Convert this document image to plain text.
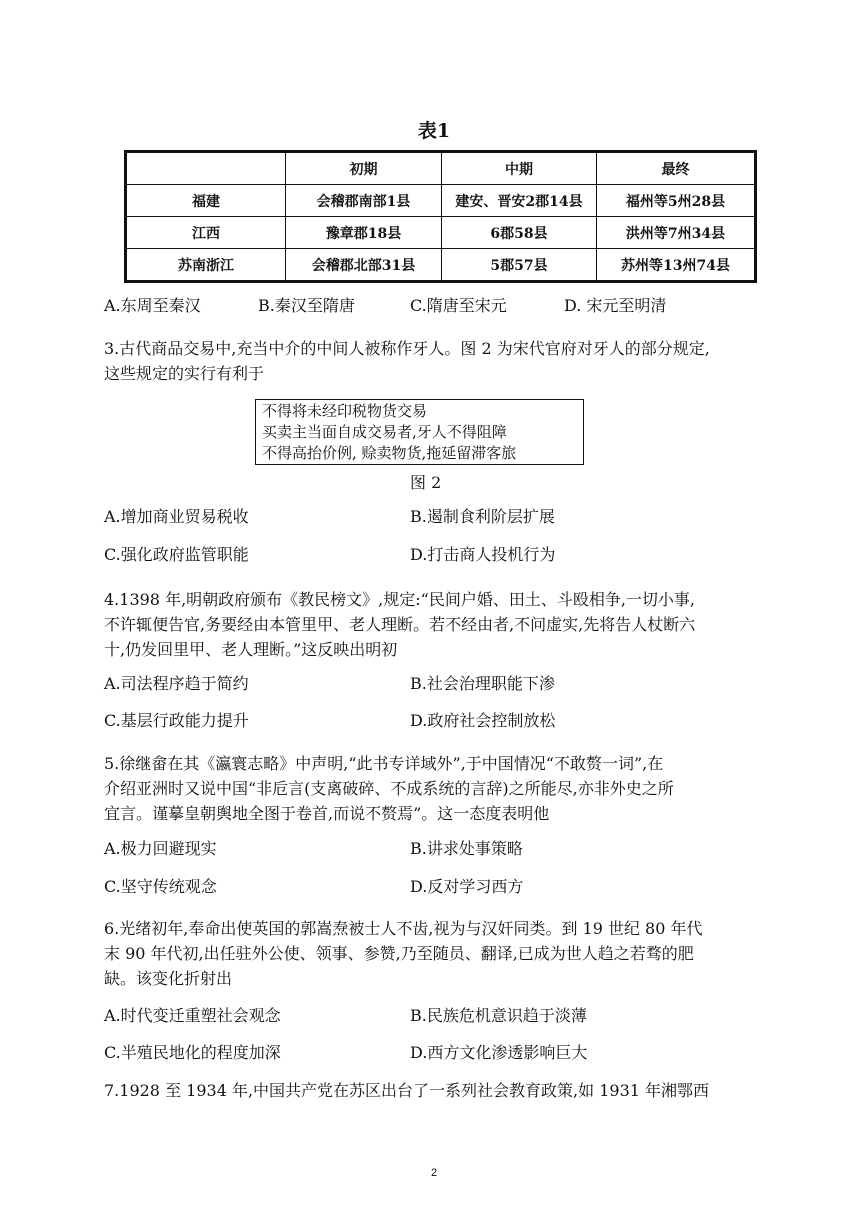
表1
	初期	中期	最终
福建	会稽郡南部1县	建安、晋安2郡14县	福州等5州28县
江西	豫章郡18县	6郡58县	洪州等7州34县
苏南浙江	会稽郡北部31县	5郡57县	苏州等13州74县
A.东周至秦汉	B.秦汉至隋唐	C.隋唐至宋元	D. 宋元至明清
3.古代商品交易中,充当中介的中间人被称作牙人。图 2 为宋代官府对牙人的部分规定,
这些规定的实行有利于
不得将未经印税物货交易
买卖主当面自成交易者,牙人不得阻障
不得高抬价例, 赊卖物货,拖延留滞客旅
图 2
A.增加商业贸易税收	B.遏制食利阶层扩展
C.强化政府监管职能	D.打击商人投机行为
4.1398 年,明朝政府颁布《教民榜文》,规定:“民间户婚、田土、斗殴相争,一切小事,
不许辄便告官,务要经由本管里甲、老人理断。若不经由者,不问虚实,先将告人杖断六
十,仍发回里甲、老人理断。”这反映出明初
A.司法程序趋于简约	B.社会治理职能下渗
C.基层行政能力提升	D.政府社会控制放松
5.徐继畲在其《瀛寰志略》中声明,“此书专详域外”,于中国情况“不敢赘一词”,在
介绍亚洲时又说中国“非卮言(支离破碎、不成系统的言辞)之所能尽,亦非外史之所
宜言。谨摹皇朝舆地全图于卷首,而说不赘焉”。这一态度表明他
A.极力回避现实	B.讲求处事策略
C.坚守传统观念	D.反对学习西方
6.光绪初年,奉命出使英国的郭嵩焘被士人不齿,视为与汉奸同类。到 19 世纪 80 年代
末 90 年代初,出任驻外公使、领事、参赞,乃至随员、翻译,已成为世人趋之若骛的肥
缺。该变化折射出
A.时代变迁重塑社会观念	B.民族危机意识趋于淡薄
C.半殖民地化的程度加深	D.西方文化渗透影响巨大
7.1928 至 1934 年,中国共产党在苏区出台了一系列社会教育政策,如 1931 年湘鄂西
2
